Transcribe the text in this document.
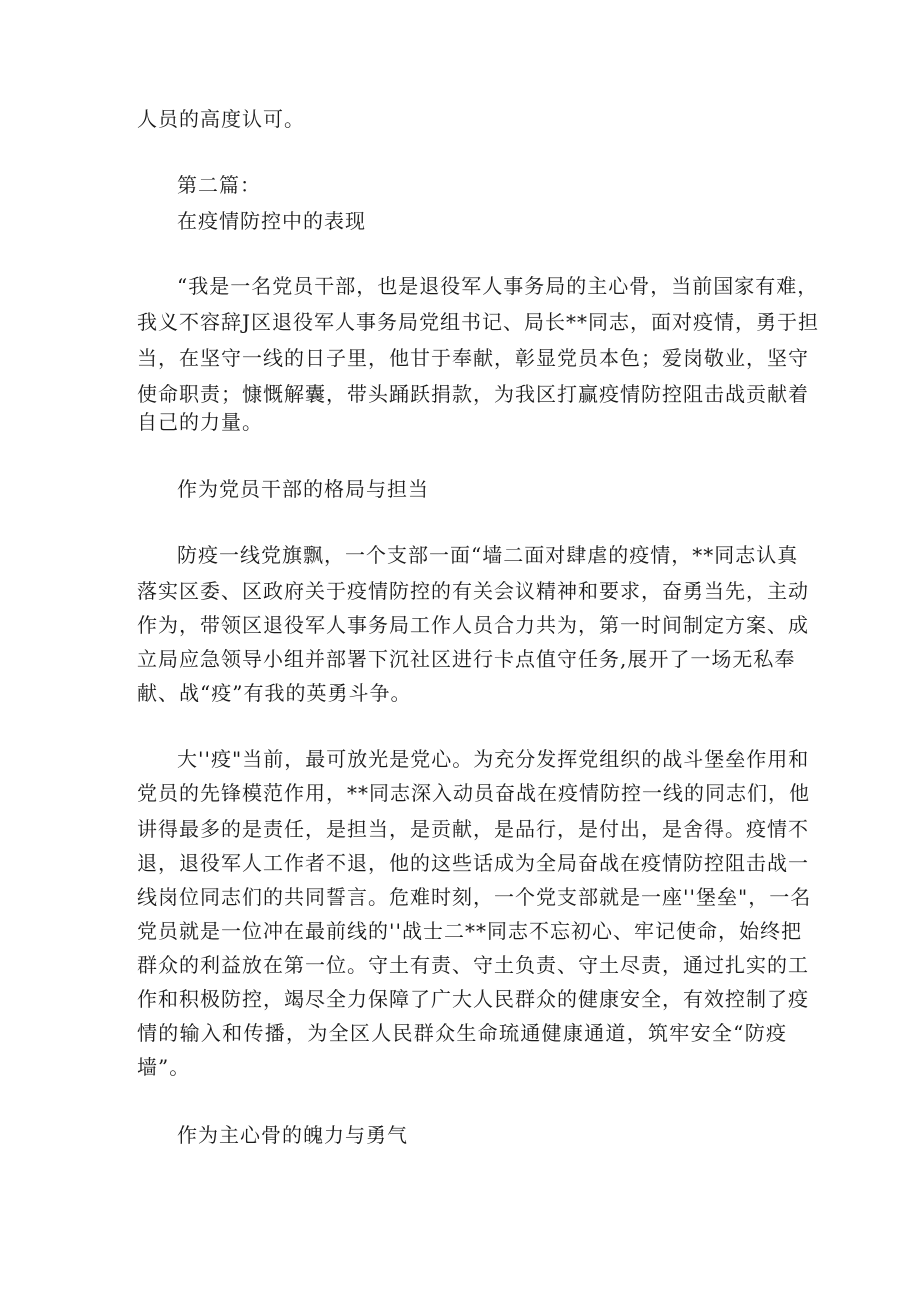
人员的高度认可。
第二篇：
在疫情防控中的表现
“我是一名党员干部，也是退役军人事务局的主心骨，当前国家有难，
我义不容辞J区退役军人事务局党组书记、局长**同志，面对疫情，勇于担
当，在坚守一线的日子里，他甘于奉献，彰显党员本色；爱岗敬业，坚守
使命职责；慷慨解囊，带头踊跃捐款，为我区打赢疫情防控阻击战贡献着
自己的力量。
作为党员干部的格局与担当
防疫一线党旗飘，一个支部一面“墙二面对肆虐的疫情，**同志认真
落实区委、区政府关于疫情防控的有关会议精神和要求，奋勇当先，主动
作为，带领区退役军人事务局工作人员合力共为，第一时间制定方案、成
立局应急领导小组并部署下沉社区进行卡点值守任务,展开了一场无私奉
献、战“疫”有我的英勇斗争。
大''疫"当前，最可放光是党心。为充分发挥党组织的战斗堡垒作用和
党员的先锋模范作用，**同志深入动员奋战在疫情防控一线的同志们，他
讲得最多的是责任，是担当，是贡献，是品行，是付出，是舍得。疫情不
退，退役军人工作者不退，他的这些话成为全局奋战在疫情防控阻击战一
线岗位同志们的共同誓言。危难时刻，一个党支部就是一座''堡垒"，一名
党员就是一位冲在最前线的''战士二**同志不忘初心、牢记使命，始终把
群众的利益放在第一位。守土有责、守土负责、守土尽责，通过扎实的工
作和积极防控，竭尽全力保障了广大人民群众的健康安全，有效控制了疫
情的输入和传播，为全区人民群众生命琉通健康通道，筑牢安全“防疫
墙”。
作为主心骨的魄力与勇气
